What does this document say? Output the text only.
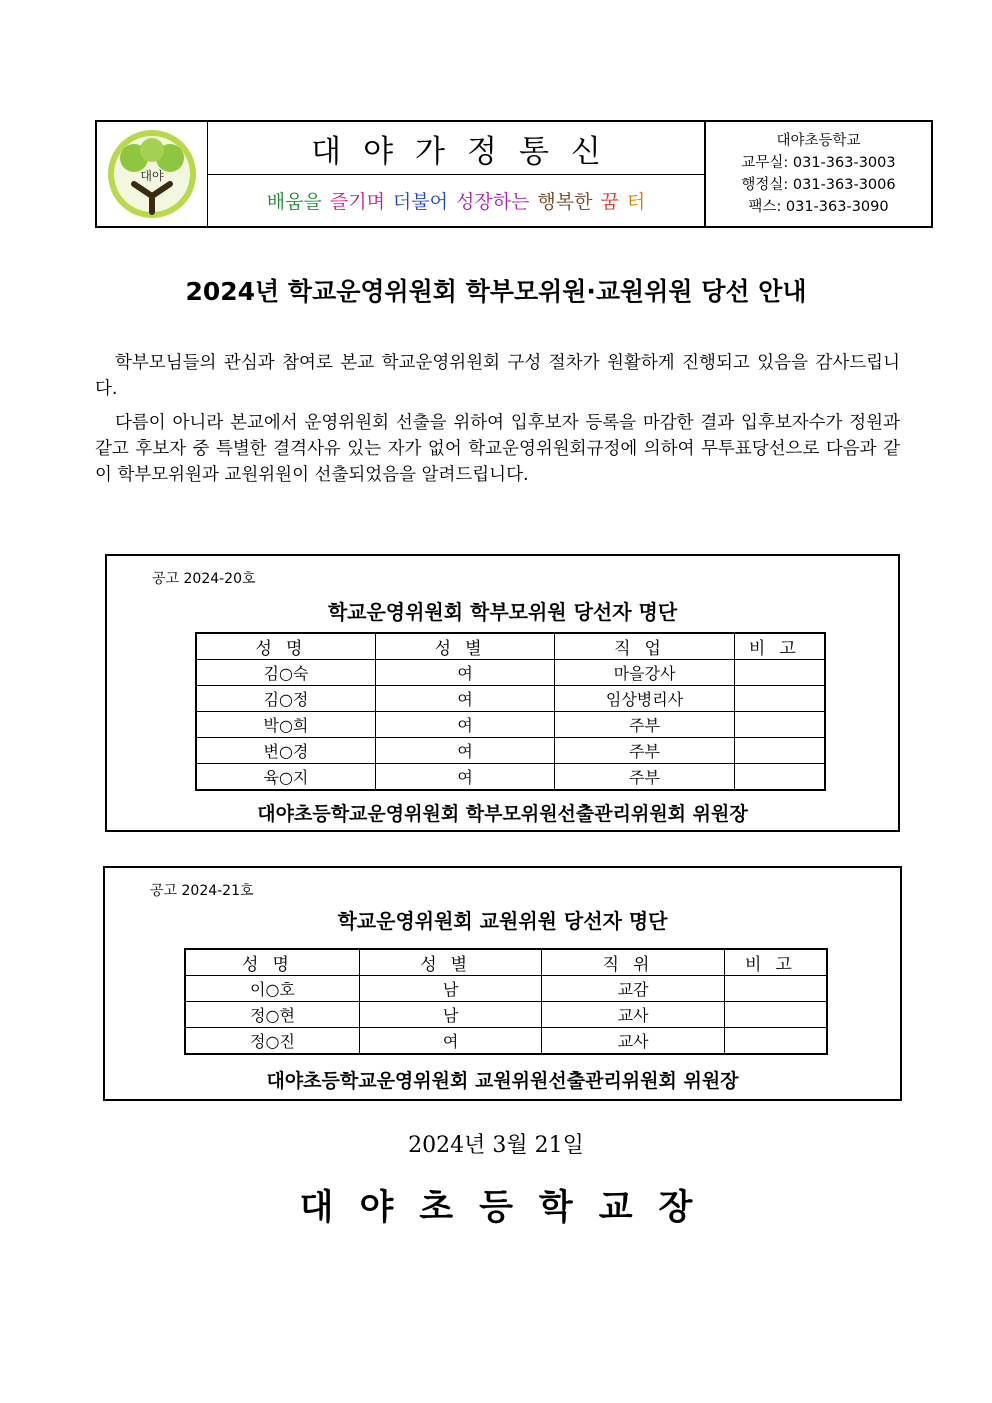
대야
대야가정통신
배움을 즐기며 더불어 성장하는 행복한 꿈 터
대야초등학교
교무실: 031-363-3003
행정실: 031-363-3006
팩스: 031-363-3090
2024년 학교운영위원회 학부모위원·교원위원 당선 안내
학부모님들의 관심과 참여로 본교 학교운영위원회 구성 절차가 원활하게 진행되고 있음을 감사드립니다.
다름이 아니라 본교에서 운영위원회 선출을 위하여 입후보자 등록을 마감한 결과 입후보자수가 정원과 같고 후보자 중 특별한 결격사유 있는 자가 없어 학교운영위원회규정에 의하여 무투표당선으로 다음과 같이 학부모위원과 교원위원이 선출되었음을 알려드립니다.
공고 2024-20호
학교운영위원회 학부모위원 당선자 명단
성명	성별	직업	비고
김○숙	여	마을강사	
김○정	여	임상병리사	
박○희	여	주부	
변○경	여	주부	
육○지	여	주부	
대야초등학교운영위원회 학부모위원선출관리위원회 위원장
공고 2024-21호
학교운영위원회 교원위원 당선자 명단
성명	성별	직위	비고
이○호	남	교감	
정○현	남	교사	
정○진	여	교사	
대야초등학교운영위원회 교원위원선출관리위원회 위원장
2024년 3월 21일
대야초등학교장
